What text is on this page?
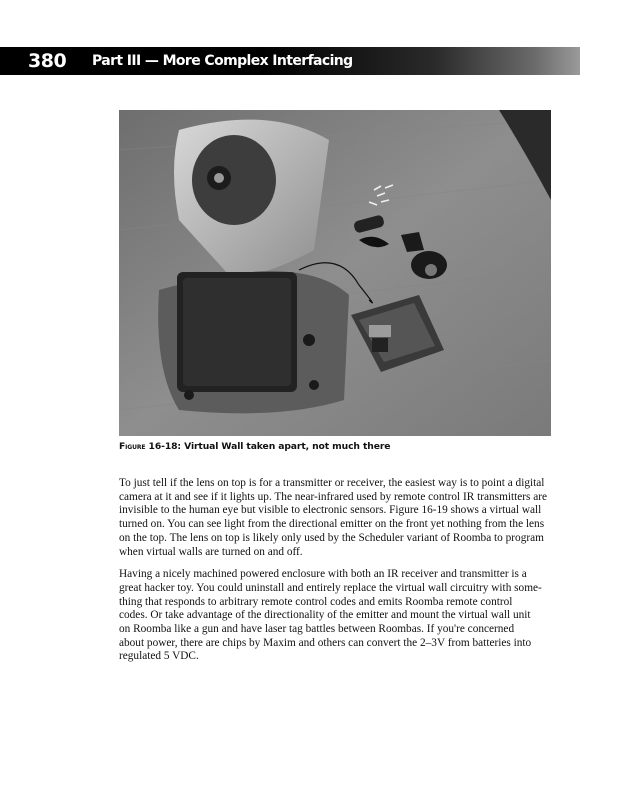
380 Part III — More Complex Interfacing
Figure 16-18: Virtual Wall taken apart, not much there

To just tell if the lens on top is for a transmitter or receiver, the easiest way is to point a digital
camera at it and see if it lights up. The near-infrared used by remote control IR transmitters are
invisible to the human eye but visible to electronic sensors. Figure 16-19 shows a virtual wall
turned on. You can see light from the directional emitter on the front yet nothing from the lens
on the top. The lens on top is likely only used by the Scheduler variant of Roomba to program
when virtual walls are turned on and off.

Having a nicely machined powered enclosure with both an IR receiver and transmitter is a
great hacker toy. You could uninstall and entirely replace the virtual wall circuitry with some-
thing that responds to arbitrary remote control codes and emits Roomba remote control
codes. Or take advantage of the directionality of the emitter and mount the virtual wall unit
on Roomba like a gun and have laser tag battles between Roombas. If you're concerned
about power, there are chips by Maxim and others can convert the 2–3V from batteries into
regulated 5 VDC.
